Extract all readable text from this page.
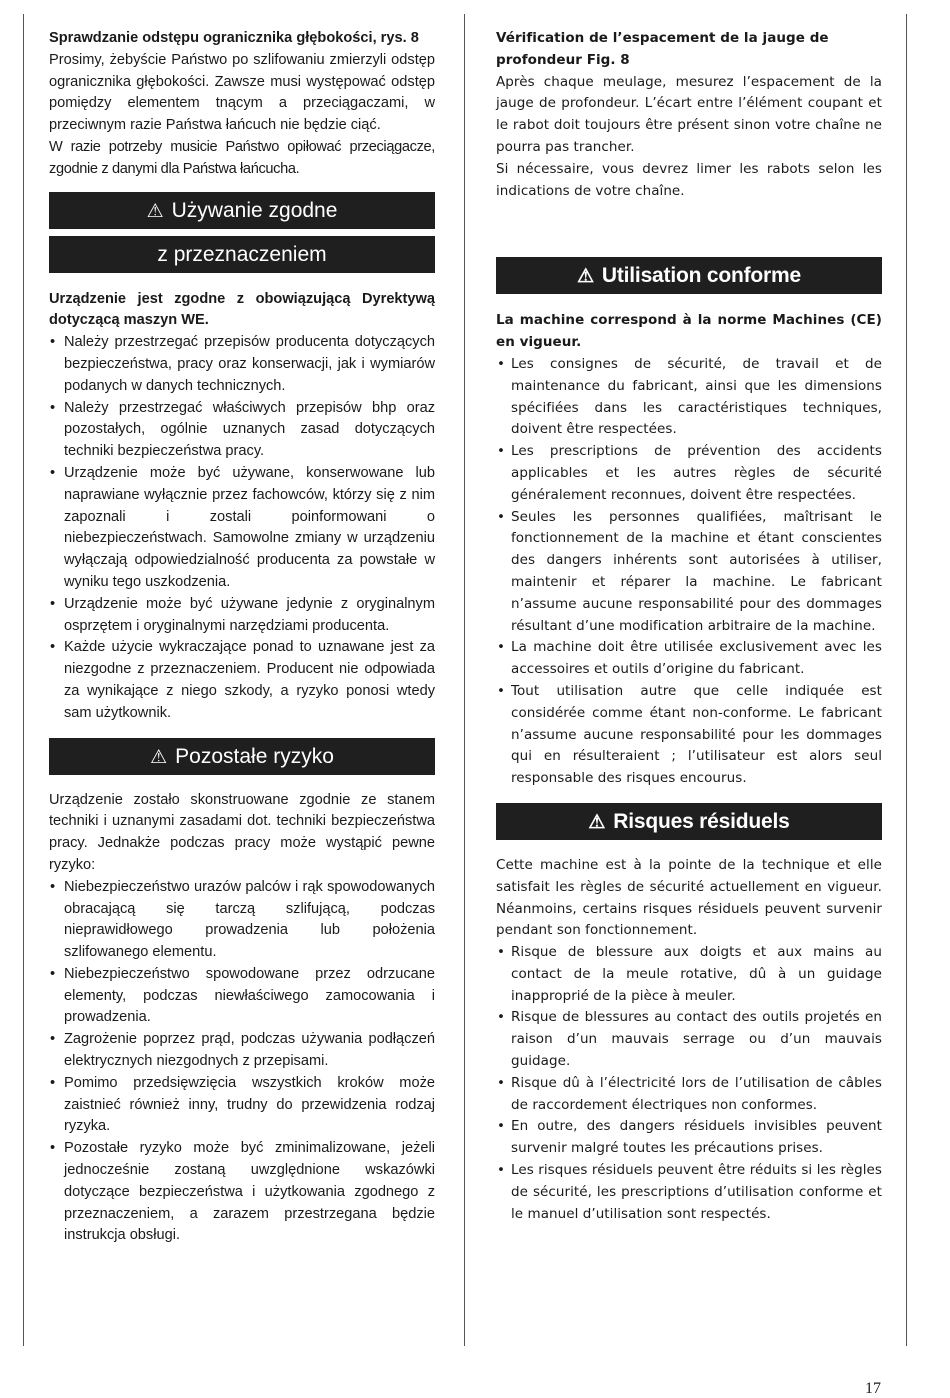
Sprawdzanie odstępu ogranicznika głębokości, rys. 8

Prosimy, żebyście Państwo po szlifowaniu zmierzyli odstęp ogranicznika głębokości. Zawsze musi występować odstęp pomiędzy elementem tnącym a przeciągaczami, w przeciwnym razie Państwa łańcuch nie będzie ciąć.

W razie potrzeby musicie Państwo opiłować przeciągacze, zgodnie z danymi dla Państwa łańcucha.

⚠ Używanie zgodne
z przeznaczeniem

Urządzenie jest zgodne z obowiązującą Dyrektywą dotyczącą maszyn WE.

• Należy przestrzegać przepisów producenta dotyczących bezpieczeństwa, pracy oraz konserwacji, jak i wymiarów podanych w danych technicznych.
• Należy przestrzegać właściwych przepisów bhp oraz pozostałych, ogólnie uznanych zasad dotyczących techniki bezpieczeństwa pracy.
• Urządzenie może być używane, konserwowane lub naprawiane wyłącznie przez fachowców, którzy się z nim zapoznali i zostali poinformowani o niebezpieczeństwach. Samowolne zmiany w urządzeniu wyłączają odpowiedzialność producenta za powstałe w wyniku tego uszkodzenia.
• Urządzenie może być używane jedynie z oryginalnym osprzętem i oryginalnymi narzędziami producenta.
• Każde użycie wykraczające ponad to uznawane jest za niezgodne z przeznaczeniem. Producent nie odpowiada za wynikające z niego szkody, a ryzyko ponosi wtedy sam użytkownik.
⚠ Pozostałe ryzyko

Urządzenie zostało skonstruowane zgodnie ze stanem techniki i uznanymi zasadami dot. techniki bezpieczeństwa pracy. Jednakże podczas pracy może wystąpić pewne ryzyko:

• Niebezpieczeństwo urazów palców i rąk spowodowanych obracającą się tarczą szlifującą, podczas nieprawidłowego prowadzenia lub położenia szlifowanego elementu.
• Niebezpieczeństwo spowodowane przez odrzucane elementy, podczas niewłaściwego zamocowania i prowadzenia.
• Zagrożenie poprzez prąd, podczas używania podłączeń elektrycznych niezgodnych z przepisami.
• Pomimo przedsięwzięcia wszystkich kroków może zaistnieć również inny, trudny do przewidzenia rodzaj ryzyka.
• Pozostałe ryzyko może być zminimalizowane, jeżeli jednocześnie zostaną uwzględnione wskazówki dotyczące bezpieczeństwa i użytkowania zgodnego z przeznaczeniem, a zarazem przestrzegana będzie instrukcja obsługi.

Vérification de l’espacement de la jauge de profondeur Fig. 8

Après chaque meulage, mesurez l’espacement de la jauge de profondeur. L’écart entre l’élément coupant et le rabot doit toujours être présent sinon votre chaîne ne pourra pas trancher.

Si nécessaire, vous devrez limer les rabots selon les indications de votre chaîne.

⚠ Utilisation conforme

La machine correspond à la norme Machines (CE) en vigueur.

• Les consignes de sécurité, de travail et de maintenance du fabricant, ainsi que les dimensions spécifiées dans les caractéristiques techniques, doivent être respectées.
• Les prescriptions de prévention des accidents applicables et les autres règles de sécurité généralement reconnues, doivent être respectées.
• Seules les personnes qualifiées, maîtrisant le fonctionnement de la machine et étant conscientes des dangers inhérents sont autorisées à utiliser, maintenir et réparer la machine. Le fabricant n’assume aucune responsabilité pour des dommages résultant d’une modification arbitraire de la machine.
• La machine doit être utilisée exclusivement avec les accessoires et outils d’origine du fabricant.
• Tout utilisation autre que celle indiquée est considérée comme étant non-conforme. Le fabricant n’assume aucune responsabilité pour les dommages qui en résulteraient ; l’utilisateur est alors seul responsable des risques encourus.
⚠ Risques résiduels

Cette machine est à la pointe de la technique et elle satisfait les règles de sécurité actuellement en vigueur. Néanmoins, certains risques résiduels peuvent survenir pendant son fonctionnement.

• Risque de blessure aux doigts et aux mains au contact de la meule rotative, dû à un guidage inapproprié de la pièce à meuler.
• Risque de blessures au contact des outils projetés en raison d’un mauvais serrage ou d’un mauvais guidage.
• Risque dû à l’électricité lors de l’utilisation de câbles de raccordement électriques non conformes.
• En outre, des dangers résiduels invisibles peuvent survenir malgré toutes les précautions prises.
• Les risques résiduels peuvent être réduits si les règles de sécurité, les prescriptions d’utilisation conforme et le manuel d’utilisation sont respectés.
17
